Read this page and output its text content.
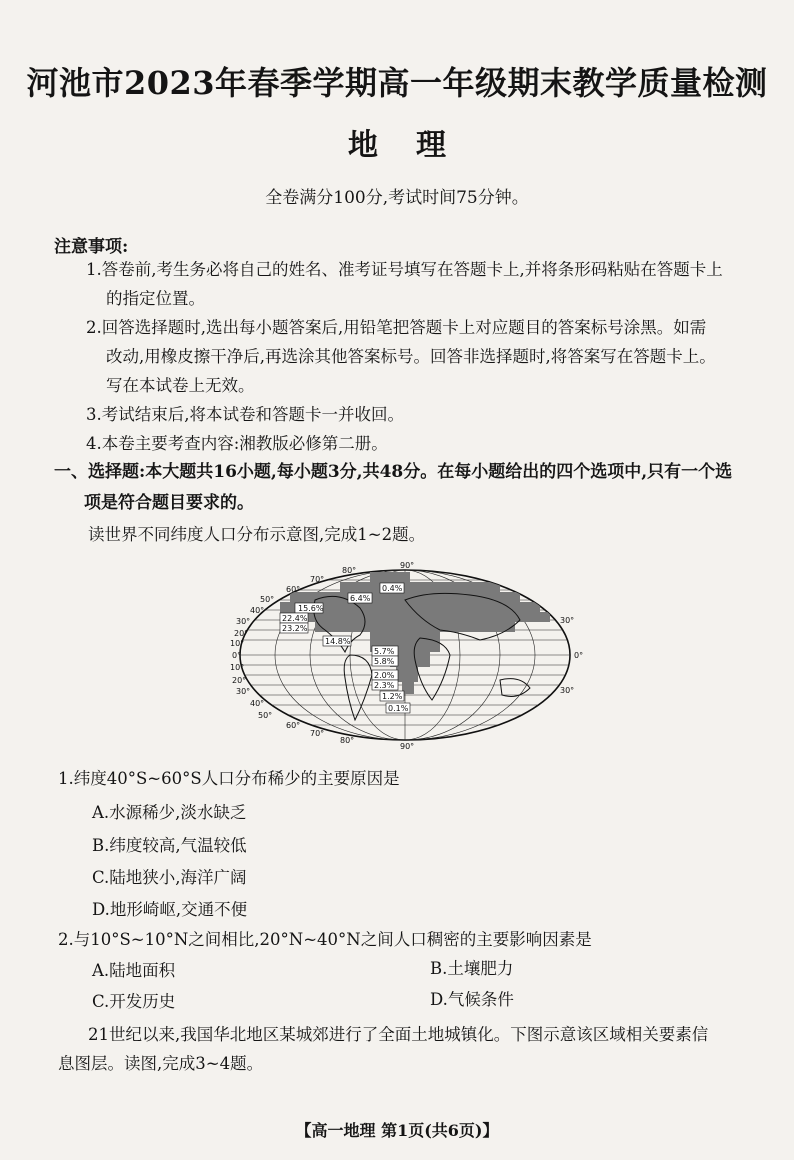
河池市2023年春季学期高一年级期末教学质量检测
地理
全卷满分100分,考试时间75分钟。
注意事项:
1.答卷前,考生务必将自己的姓名、准考证号填写在答题卡上,并将条形码粘贴在答题卡上
的指定位置。
2.回答选择题时,选出每小题答案后,用铅笔把答题卡上对应题目的答案标号涂黑。如需
改动,用橡皮擦干净后,再选涂其他答案标号。回答非选择题时,将答案写在答题卡上。
写在本试卷上无效。
3.考试结束后,将本试卷和答题卡一并收回。
4.本卷主要考查内容:湘教版必修第二册。
一、选择题:本大题共16小题,每小题3分,共48分。在每小题给出的四个选项中,只有一个选
项是符合题目要求的。
读世界不同纬度人口分布示意图,完成1~2题。
0.4%
6.4%
15.6%
22.4%
23.2%
14.8%
5.7%
5.8%
2.0%
2.3%
1.2%
0.1%
90°
90°
80°
70°
60°
50°
40°
30°
20°
10°
0°
10°
20°
30°
40°
50°
60°
70°
80°
30°
0°
30°
1.纬度40°S~60°S人口分布稀少的主要原因是
A.水源稀少,淡水缺乏
B.纬度较高,气温较低
C.陆地狭小,海洋广阔
D.地形崎岖,交通不便
2.与10°S~10°N之间相比,20°N~40°N之间人口稠密的主要影响因素是
A.陆地面积	B.土壤肥力
C.开发历史	D.气候条件
21世纪以来,我国华北地区某城郊进行了全面土地城镇化。下图示意该区域相关要素信
息图层。读图,完成3~4题。
【高一地理 第1页(共6页)】
